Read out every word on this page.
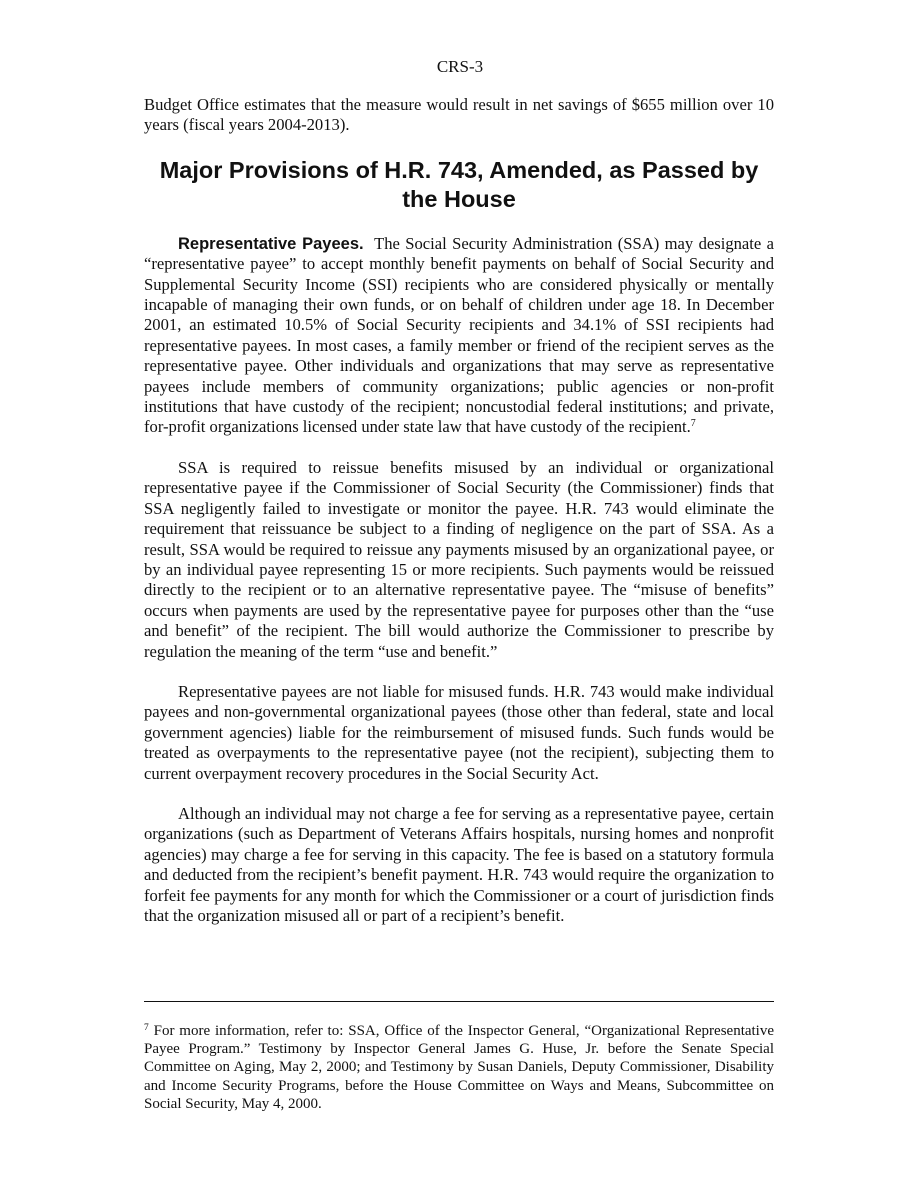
CRS-3

Budget Office estimates that the measure would result in net savings of $655 million over 10 years (fiscal years 2004-2013).

Major Provisions of H.R. 743, Amended, as Passed by the House

Representative Payees. The Social Security Administration (SSA) may designate a “representative payee” to accept monthly benefit payments on behalf of Social Security and Supplemental Security Income (SSI) recipients who are considered physically or mentally incapable of managing their own funds, or on behalf of children under age 18. In December 2001, an estimated 10.5% of Social Security recipients and 34.1% of SSI recipients had representative payees. In most cases, a family member or friend of the recipient serves as the representative payee. Other individuals and organizations that may serve as representative payees include members of community organizations; public agencies or non-profit institutions that have custody of the recipient; noncustodial federal institutions; and private, for-profit organizations licensed under state law that have custody of the recipient.$^7$

SSA is required to reissue benefits misused by an individual or organizational representative payee if the Commissioner of Social Security (the Commissioner) finds that SSA negligently failed to investigate or monitor the payee. H.R. 743 would eliminate the requirement that reissuance be subject to a finding of negligence on the part of SSA. As a result, SSA would be required to reissue any payments misused by an organizational payee, or by an individual payee representing 15 or more recipients. Such payments would be reissued directly to the recipient or to an alternative representative payee. The “misuse of benefits” occurs when payments are used by the representative payee for purposes other than the “use and benefit” of the recipient. The bill would authorize the Commissioner to prescribe by regulation the meaning of the term “use and benefit.”

Representative payees are not liable for misused funds. H.R. 743 would make individual payees and non-governmental organizational payees (those other than federal, state and local government agencies) liable for the reimbursement of misused funds. Such funds would be treated as overpayments to the representative payee (not the recipient), subjecting them to current overpayment recovery procedures in the Social Security Act.

Although an individual may not charge a fee for serving as a representative payee, certain organizations (such as Department of Veterans Affairs hospitals, nursing homes and nonprofit agencies) may charge a fee for serving in this capacity. The fee is based on a statutory formula and deducted from the recipient’s benefit payment. H.R. 743 would require the organization to forfeit fee payments for any month for which the Commissioner or a court of jurisdiction finds that the organization misused all or part of a recipient’s benefit.

$^7$ For more information, refer to: SSA, Office of the Inspector General, “Organizational Representative Payee Program.” Testimony by Inspector General James G. Huse, Jr. before the Senate Special Committee on Aging, May 2, 2000; and Testimony by Susan Daniels, Deputy Commissioner, Disability and Income Security Programs, before the House Committee on Ways and Means, Subcommittee on Social Security, May 4, 2000.
